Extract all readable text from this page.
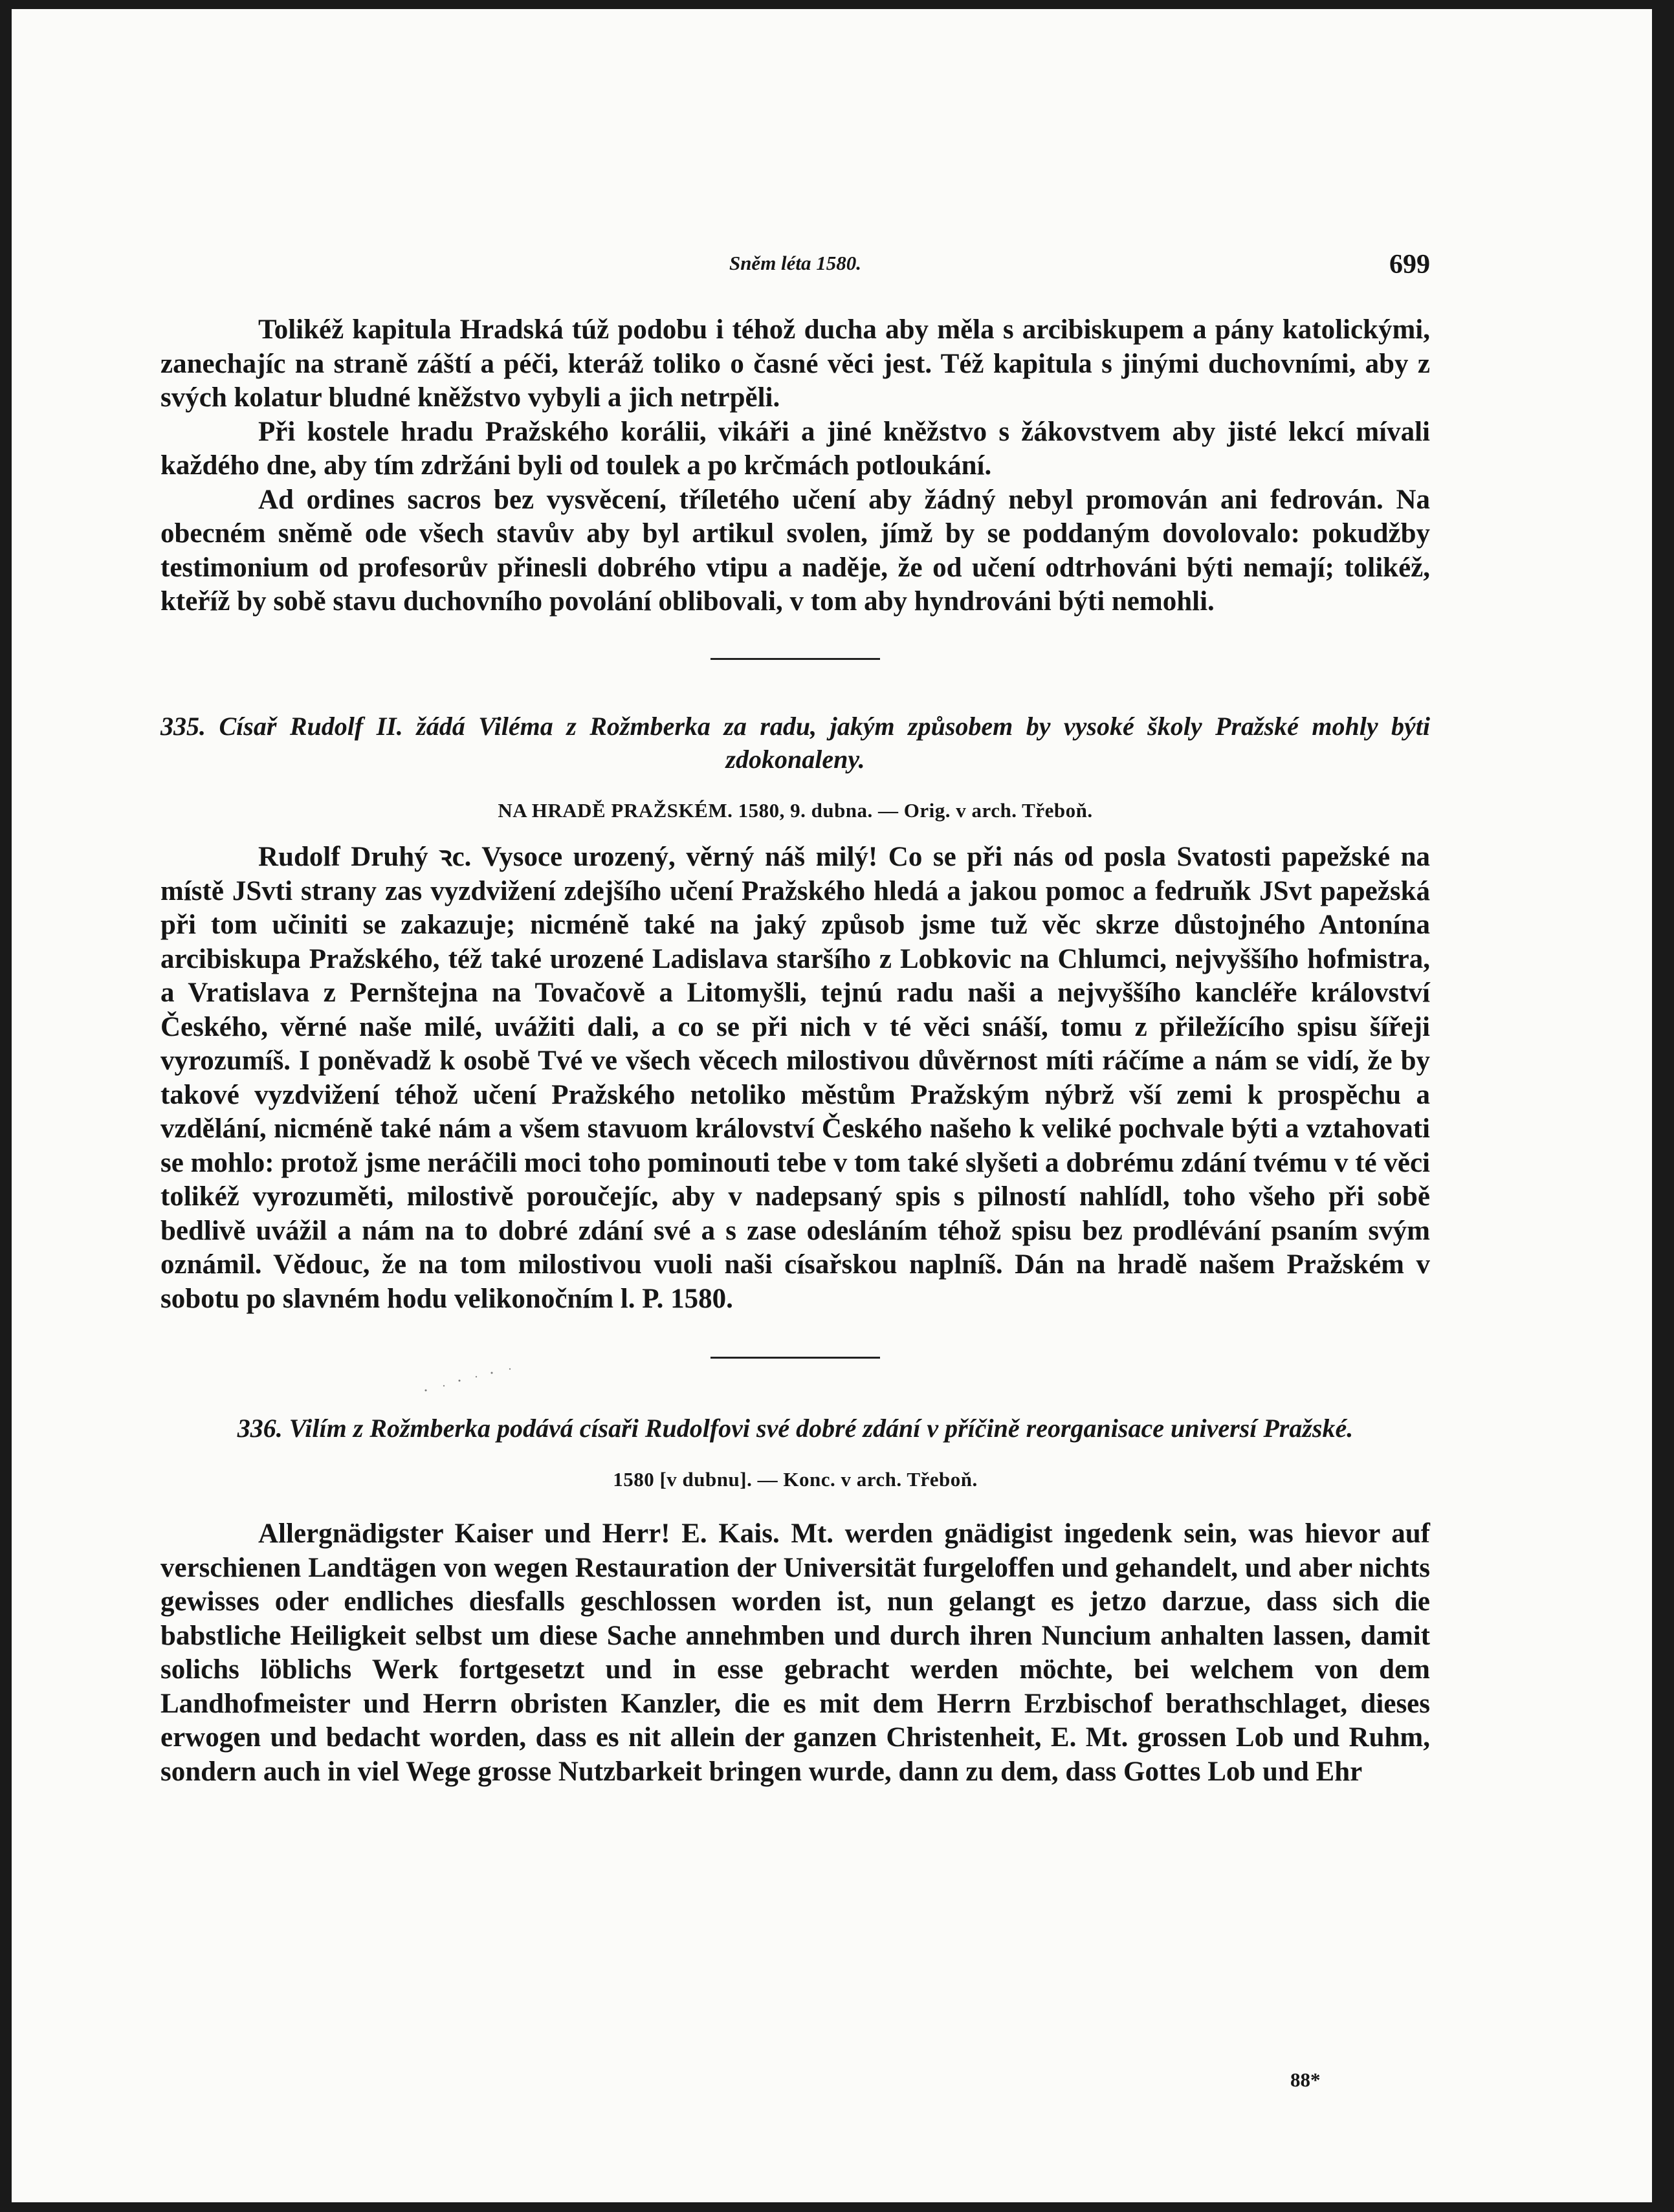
Sněm léta 1580.	699

Tolikéž kapitula Hradská túž podobu i téhož ducha aby měla s arcibiskupem a pány katolickými, zanechajíc na straně záští a péči, kteráž toliko o časné věci jest. Též kapitula s jinými duchovními, aby z svých kolatur bludné kněžstvo vybyli a jich netrpěli.

Při kostele hradu Pražského korálii, vikáři a jiné kněžstvo s žákovstvem aby jisté lekcí mívali každého dne, aby tím zdržáni byli od toulek a po krčmách potloukání.

Ad ordines sacros bez vysvěcení, tříletého učení aby žádný nebyl promován ani fedrován. Na obecném sněmě ode všech stavův aby byl artikul svolen, jímž by se poddaným dovolovalo: pokudžby testimonium od profesorův přinesli dobrého vtipu a naděje, že od učení odtrhováni býti nemají; tolikéž, kteříž by sobě stavu duchovního povolání oblibovali, v tom aby hyndrováni býti nemohli.

335. Císař Rudolf II. žádá Viléma z Rožmberka za radu, jakým způsobem by vysoké školy Pražské mohly býti zdokonaleny.

NA HRADĚ PRAŽSKÉM. 1580, 9. dubna. — Orig. v arch. Třeboň.

Rudolf Druhý ꝛc. Vysoce urozený, věrný náš milý! Co se při nás od posla Svatosti papežské na místě JSvti strany zas vyzdvižení zdejšího učení Pražského hledá a jakou pomoc a fedruňk JSvt papežská při tom učiniti se zakazuje; nicméně také na jaký způsob jsme tuž věc skrze důstojného Antonína arcibiskupa Pražského, též také urozené Ladislava staršího z Lobkovic na Chlumci, nejvyššího hofmistra, a Vratislava z Pernštejna na Tovačově a Litomyšli, tejnú radu naši a nejvyššího kancléře království Českého, věrné naše milé, uvážiti dali, a co se při nich v té věci snáší, tomu z přiležícího spisu šířeji vyrozumíš. I poněvadž k osobě Tvé ve všech věcech milostivou důvěrnost míti ráčíme a nám se vidí, že by takové vyzdvižení téhož učení Pražského netoliko městům Pražským nýbrž vší zemi k prospěchu a vzdělání, nicméně také nám a všem stavuom království Českého našeho k veliké pochvale býti a vztahovati se mohlo: protož jsme neráčili moci toho pominouti tebe v tom také slyšeti a dobrému zdání tvému v té věci tolikéž vyrozuměti, milostivě poroučejíc, aby v nadepsaný spis s pilností nahlídl, toho všeho při sobě bedlivě uvážil a nám na to dobré zdání své a s zase odesláním téhož spisu bez prodlévání psaním svým oznámil. Vědouc, že na tom milostivou vuoli naši císařskou naplníš. Dán na hradě našem Pražském v sobotu po slavném hodu velikonočním l. P. 1580.

336. Vilím z Rožmberka podává císaři Rudolfovi své dobré zdání v příčině reorganisace universí Pražské.

1580 [v dubnu]. — Konc. v arch. Třeboň.

Allergnädigster Kaiser und Herr! E. Kais. Mt. werden gnädigist ingedenk sein, was hievor auf verschienen Landtägen von wegen Restauration der Universität furgeloffen und gehandelt, und aber nichts gewisses oder endliches diesfalls geschlossen worden ist, nun gelangt es jetzo darzue, dass sich die babstliche Heiligkeit selbst um diese Sache annehmben und durch ihren Nuncium anhalten lassen, damit solichs löblichs Werk fortgesetzt und in esse gebracht werden möchte, bei welchem von dem Landhofmeister und Herrn obristen Kanzler, die es mit dem Herrn Erzbischof berathschlaget, dieses erwogen und bedacht worden, dass es nit allein der ganzen Christenheit, E. Mt. grossen Lob und Ruhm, sondern auch in viel Wege grosse Nutzbarkeit bringen wurde, dann zu dem, dass Gottes Lob und Ehr

88*
